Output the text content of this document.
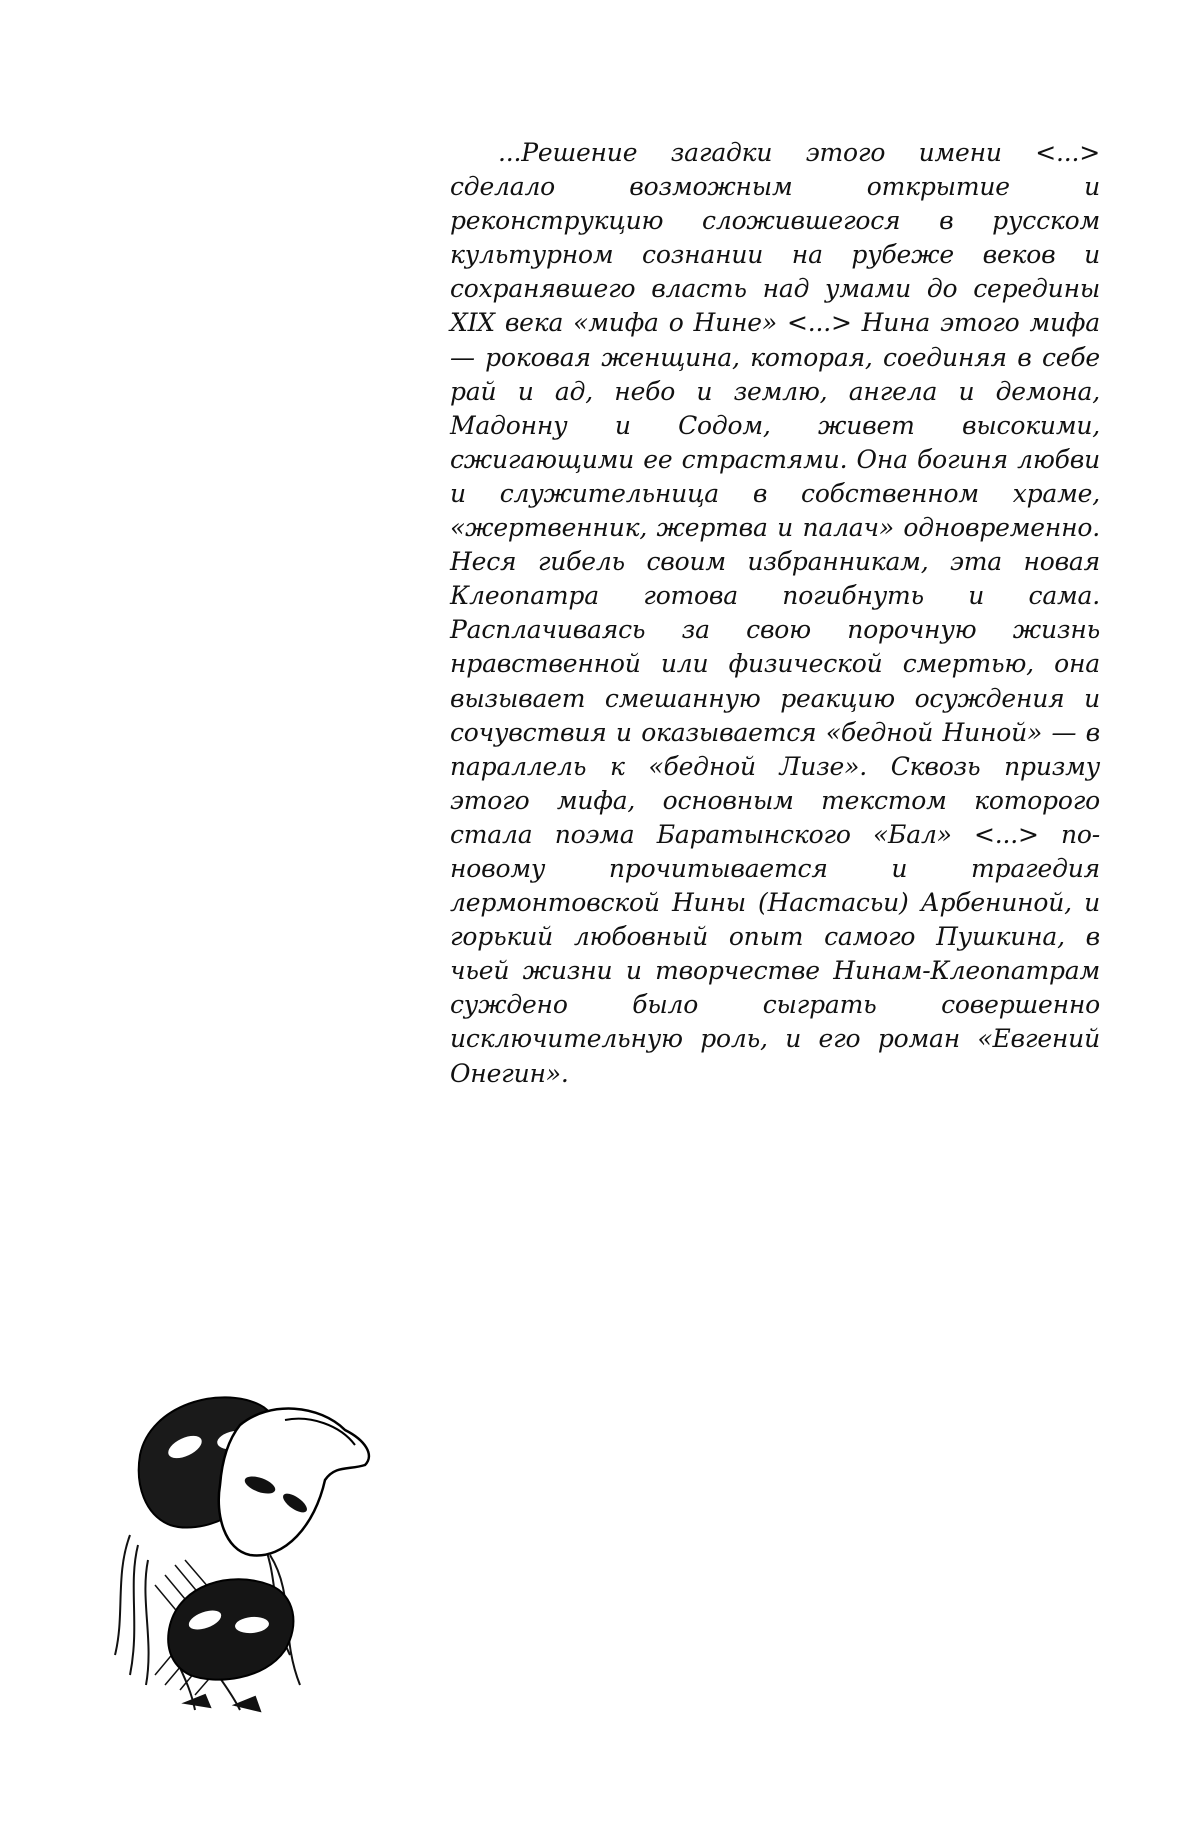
...Решение загадки этого имени <...> сделало возможным открытие и реконструкцию сложившегося в русском культурном сознании на рубеже веков и сохранявшего власть над умами до середины XIX века «мифа о Нине» <...> Нина этого мифа — роковая женщина, которая, соединяя в себе рай и ад, небо и землю, ангела и демона, Мадонну и Содом, живет высокими, сжигающими ее страстями. Она богиня любви и служительница в собственном храме, «жертвенник, жертва и палач» одновременно. Неся гибель своим избранникам, эта новая Клеопатра готова погибнуть и сама. Расплачиваясь за свою порочную жизнь нравственной или физической смертью, она вызывает смешанную реакцию осуждения и сочувствия и оказывается «бедной Ниной» — в параллель к «бедной Лизе». Сквозь призму этого мифа, основным текстом которого стала поэма Баратынского «Бал» <...> по-новому прочитывается и трагедия лермонтовской Нины (Настасьи) Арбениной, и горький любовный опыт самого Пушкина, в чьей жизни и творчестве Нинам-Клеопатрам суждено было сыграть совершенно исключительную роль, и его роман «Евгений Онегин».
